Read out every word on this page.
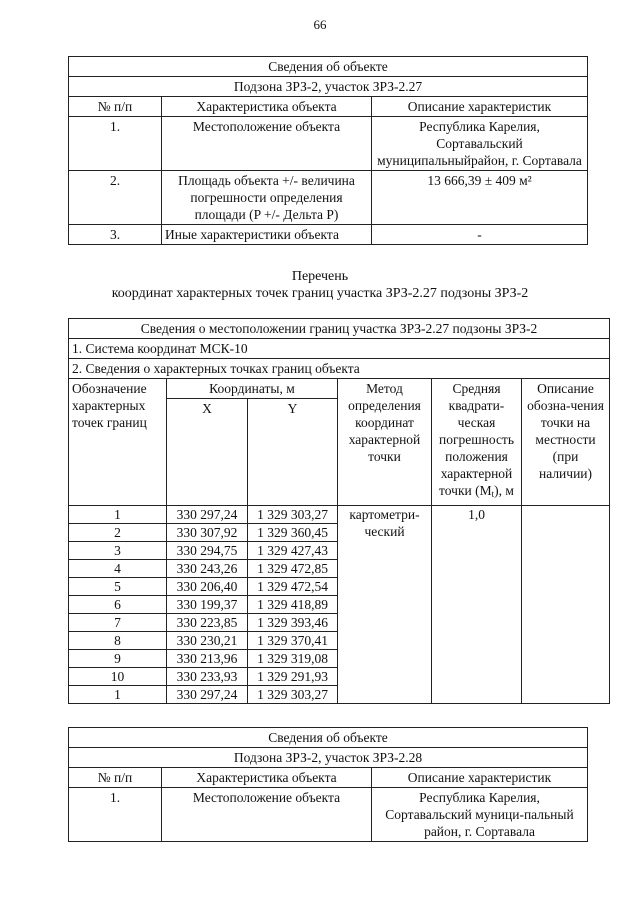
66
Сведения об объекте		
Подзона ЗРЗ-2, участок ЗРЗ-2.27		
№ п/п	Характеристика объекта	Описание характеристик
1.	Местоположение объекта	Республика Карелия, Сортавальский муниципальныйрайон, г. Сортавала
2.	Площадь объекта +/- величина погрешности определения площади (P +/- Дельта P)	13 666,39 ± 409 м²
3.	Иные характеристики объекта	-
Перечень
координат характерных точек границ участка ЗРЗ-2.27 подзоны ЗРЗ-2
Сведения о местоположении границ участка ЗРЗ-2.27 подзоны ЗРЗ-2					
1. Система координат МСК-10					
2. Сведения о характерных точках границ объекта					
Обозначение характерных точек границ	Координаты, м		Метод определения координат характерной точки	Средняя квадрати-ческая погрешность положения характерной точки $(M_t)$, м	Описание обозна-чения точки на местности (при наличии)
	X	Y			
1	330 297,24	1 329 303,27	картометри-ческий	1,0	
2	330 307,92	1 329 360,45			
3	330 294,75	1 329 427,43			
4	330 243,26	1 329 472,85			
5	330 206,40	1 329 472,54			
6	330 199,37	1 329 418,89			
7	330 223,85	1 329 393,46			
8	330 230,21	1 329 370,41			
9	330 213,96	1 329 319,08			
10	330 233,93	1 329 291,93			
1	330 297,24	1 329 303,27			
Сведения об объекте		
Подзона ЗРЗ-2, участок ЗРЗ-2.28		
№ п/п	Характеристика объекта	Описание характеристик
1.	Местоположение объекта	Республика Карелия, Сортавальский муници-пальный район, г. Сортавала
